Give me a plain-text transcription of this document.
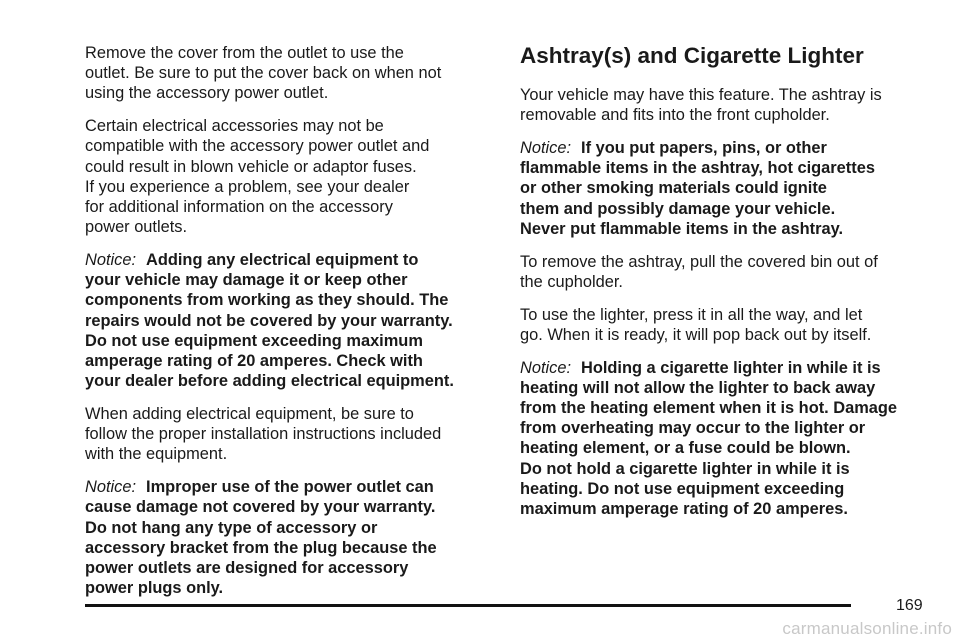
Remove the cover from the outlet to use the
outlet. Be sure to put the cover back on when not
using the accessory power outlet.

Certain electrical accessories may not be
compatible with the accessory power outlet and
could result in blown vehicle or adaptor fuses.
If you experience a problem, see your dealer
for additional information on the accessory
power outlets.

Notice: Adding any electrical equipment to
your vehicle may damage it or keep other
components from working as they should. The
repairs would not be covered by your warranty.
Do not use equipment exceeding maximum
amperage rating of 20 amperes. Check with
your dealer before adding electrical equipment.

When adding electrical equipment, be sure to
follow the proper installation instructions included
with the equipment.

Notice: Improper use of the power outlet can
cause damage not covered by your warranty.
Do not hang any type of accessory or
accessory bracket from the plug because the
power outlets are designed for accessory
power plugs only.

Ashtray(s) and Cigarette Lighter

Your vehicle may have this feature. The ashtray is
removable and fits into the front cupholder.

Notice: If you put papers, pins, or other
flammable items in the ashtray, hot cigarettes
or other smoking materials could ignite
them and possibly damage your vehicle.
Never put flammable items in the ashtray.

To remove the ashtray, pull the covered bin out of
the cupholder.

To use the lighter, press it in all the way, and let
go. When it is ready, it will pop back out by itself.

Notice: Holding a cigarette lighter in while it is
heating will not allow the lighter to back away
from the heating element when it is hot. Damage
from overheating may occur to the lighter or
heating element, or a fuse could be blown.
Do not hold a cigarette lighter in while it is
heating. Do not use equipment exceeding
maximum amperage rating of 20 amperes.

169
carmanualsonline.info
